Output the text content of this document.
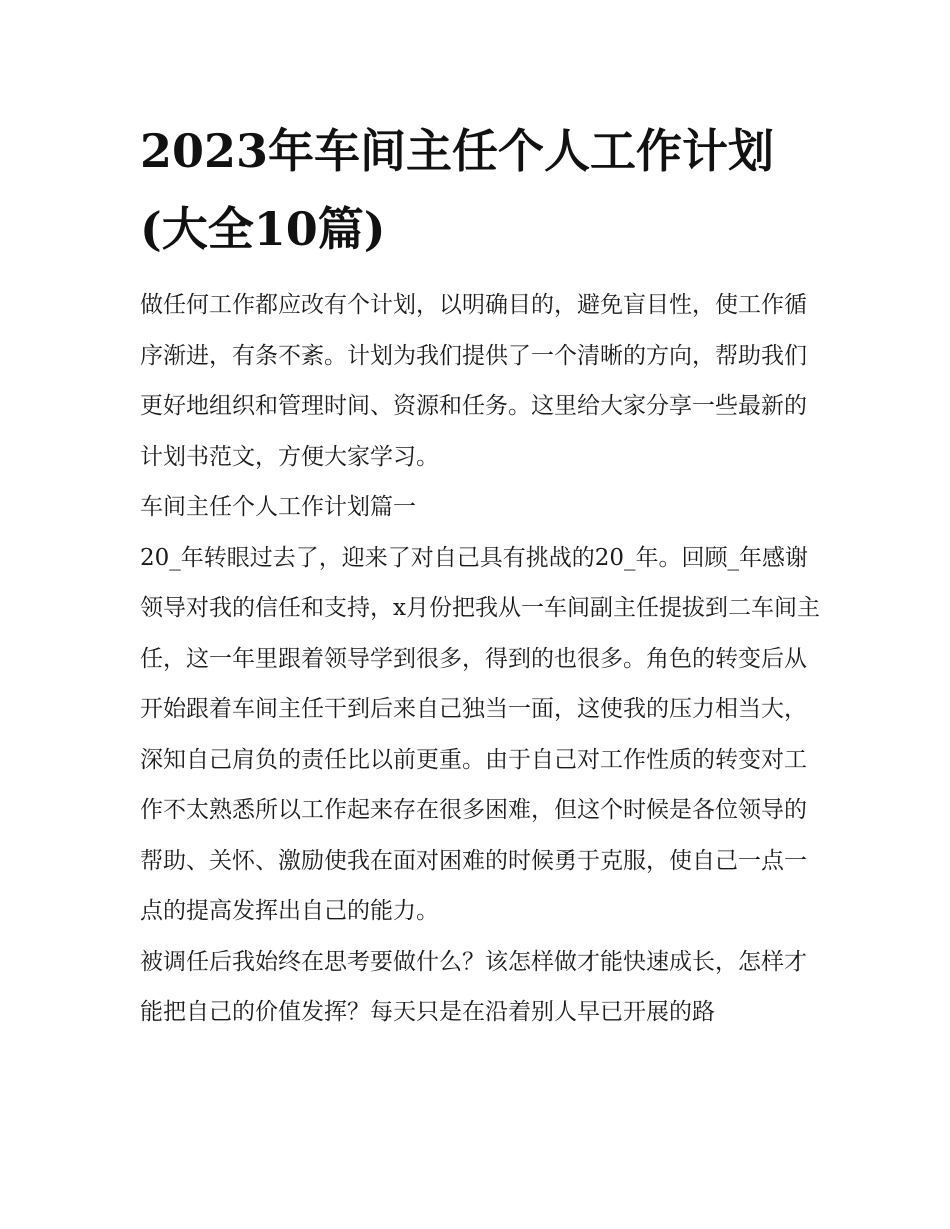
2023年车间主任个人工作计划(大全10篇)

做任何工作都应改有个计划，以明确目的，避免盲目性，使工作循序渐进，有条不紊。计划为我们提供了一个清晰的方向，帮助我们更好地组织和管理时间、资源和任务。这里给大家分享一些最新的计划书范文，方便大家学习。

车间主任个人工作计划篇一

20_年转眼过去了，迎来了对自己具有挑战的20_年。回顾_年感谢领导对我的信任和支持，x月份把我从一车间副主任提拔到二车间主任，这一年里跟着领导学到很多，得到的也很多。角色的转变后从开始跟着车间主任干到后来自己独当一面，这使我的压力相当大，深知自己肩负的责任比以前更重。由于自己对工作性质的转变对工作不太熟悉所以工作起来存在很多困难，但这个时候是各位领导的帮助、关怀、激励使我在面对困难的时候勇于克服，使自己一点一点的提高发挥出自己的能力。

被调任后我始终在思考要做什么？该怎样做才能快速成长，怎样才能把自己的价值发挥？每天只是在沿着别人早已开展的路
